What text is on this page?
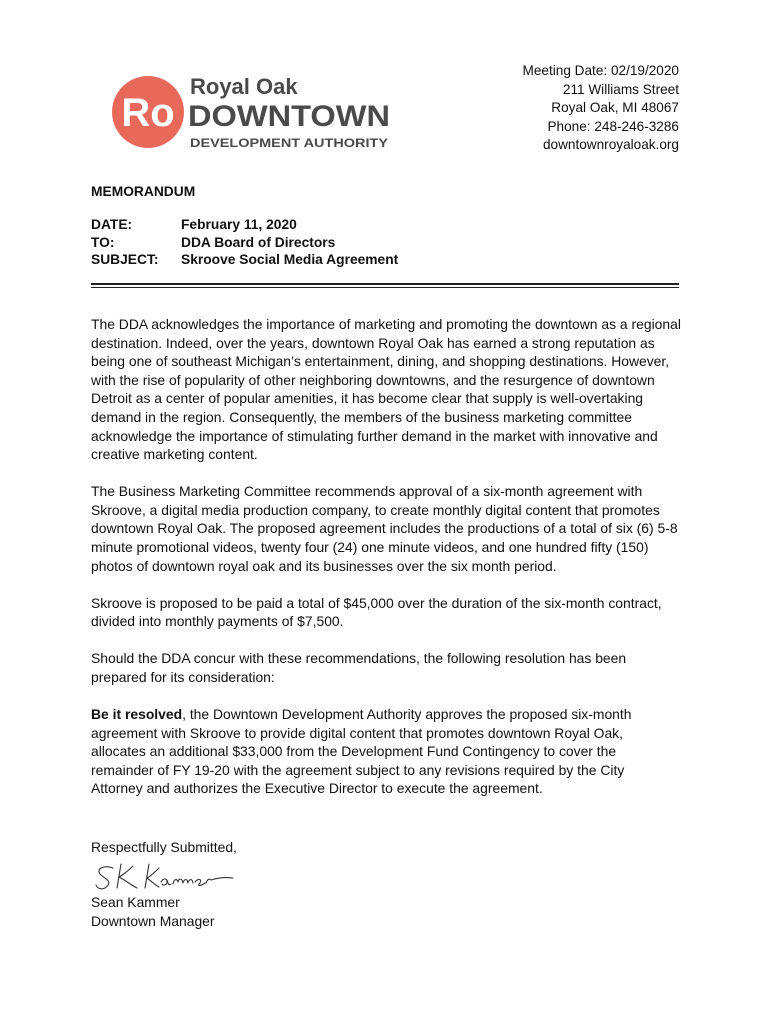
Ro
Royal Oak
DOWNTOWN
DEVELOPMENT AUTHORITY
Meeting Date: 02/19/2020
211 Williams Street
Royal Oak, MI 48067
Phone: 248-246-3286
downtownroyaloak.org
MEMORANDUM
DATE:	February 11, 2020
TO:	DDA Board of Directors
SUBJECT:	Skroove Social Media Agreement

The DDA acknowledges the importance of marketing and promoting the downtown as a regional
destination. Indeed, over the years, downtown Royal Oak has earned a strong reputation as
being one of southeast Michigan’s entertainment, dining, and shopping destinations. However,
with the rise of popularity of other neighboring downtowns, and the resurgence of downtown
Detroit as a center of popular amenities, it has become clear that supply is well-overtaking
demand in the region. Consequently, the members of the business marketing committee
acknowledge the importance of stimulating further demand in the market with innovative and
creative marketing content.

The Business Marketing Committee recommends approval of a six-month agreement with
Skroove, a digital media production company, to create monthly digital content that promotes
downtown Royal Oak. The proposed agreement includes the productions of a total of six (6) 5-8
minute promotional videos, twenty four (24) one minute videos, and one hundred fifty (150)
photos of downtown royal oak and its businesses over the six month period.

Skroove is proposed to be paid a total of $45,000 over the duration of the six-month contract,
divided into monthly payments of $7,500.

Should the DDA concur with these recommendations, the following resolution has been
prepared for its consideration:

Be it resolved, the Downtown Development Authority approves the proposed six-month
agreement with Skroove to provide digital content that promotes downtown Royal Oak,
allocates an additional $33,000 from the Development Fund Contingency to cover the
remainder of FY 19-20 with the agreement subject to any revisions required by the City
Attorney and authorizes the Executive Director to execute the agreement.

Respectfully Submitted,
Sean Kammer
Downtown Manager
